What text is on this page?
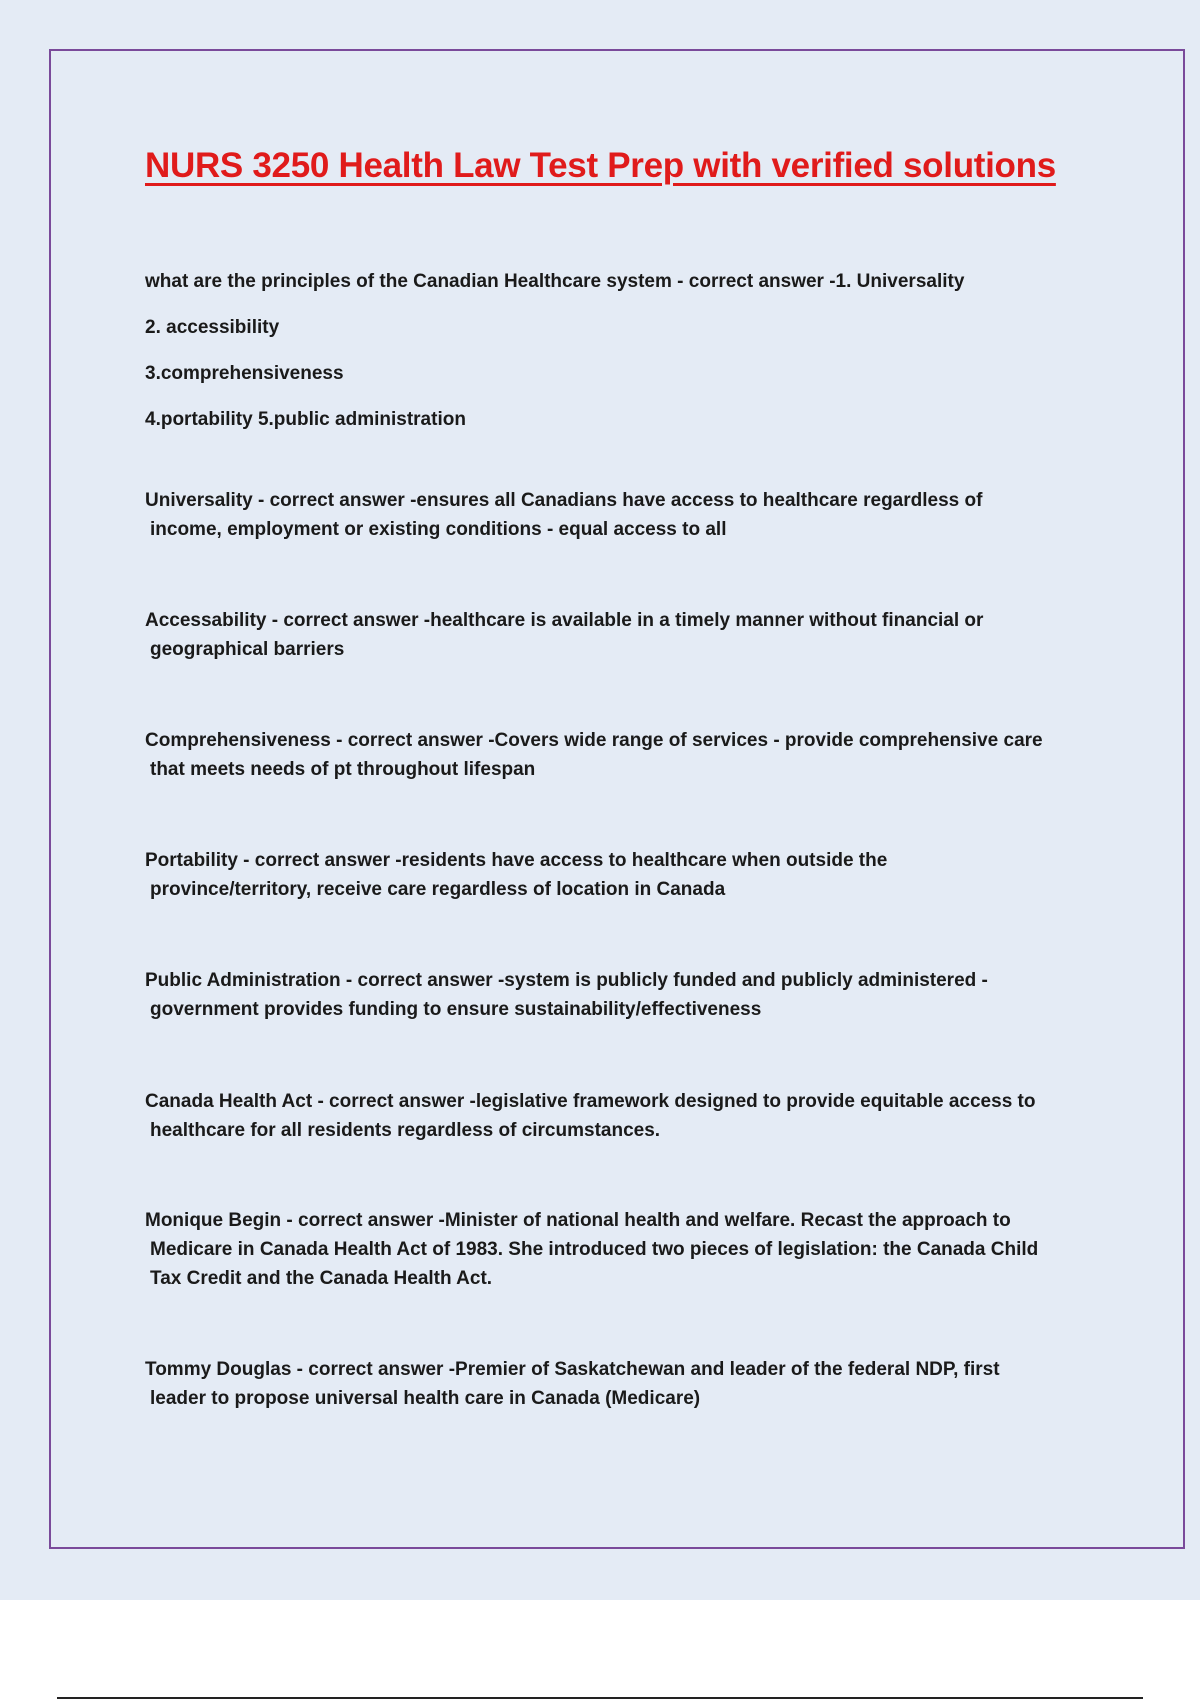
NURS 3250 Health Law Test Prep with verified solutions
what are the principles of the Canadian Healthcare system - correct answer -1. Universality
2. accessibility
3.comprehensiveness
4.portability 5.public administration
Universality - correct answer -ensures all Canadians have access to healthcare regardless of
income, employment or existing conditions - equal access to all
Accessability - correct answer -healthcare is available in a timely manner without financial or
geographical barriers
Comprehensiveness - correct answer -Covers wide range of services - provide comprehensive care
that meets needs of pt throughout lifespan
Portability - correct answer -residents have access to healthcare when outside the
province/territory, receive care regardless of location in Canada
Public Administration - correct answer -system is publicly funded and publicly administered -
government provides funding to ensure sustainability/effectiveness
Canada Health Act - correct answer -legislative framework designed to provide equitable access to
healthcare for all residents regardless of circumstances.
Monique Begin - correct answer -Minister of national health and welfare. Recast the approach to
Medicare in Canada Health Act of 1983. She introduced two pieces of legislation: the Canada Child
Tax Credit and the Canada Health Act.
Tommy Douglas - correct answer -Premier of Saskatchewan and leader of the federal NDP, first
leader to propose universal health care in Canada (Medicare)
